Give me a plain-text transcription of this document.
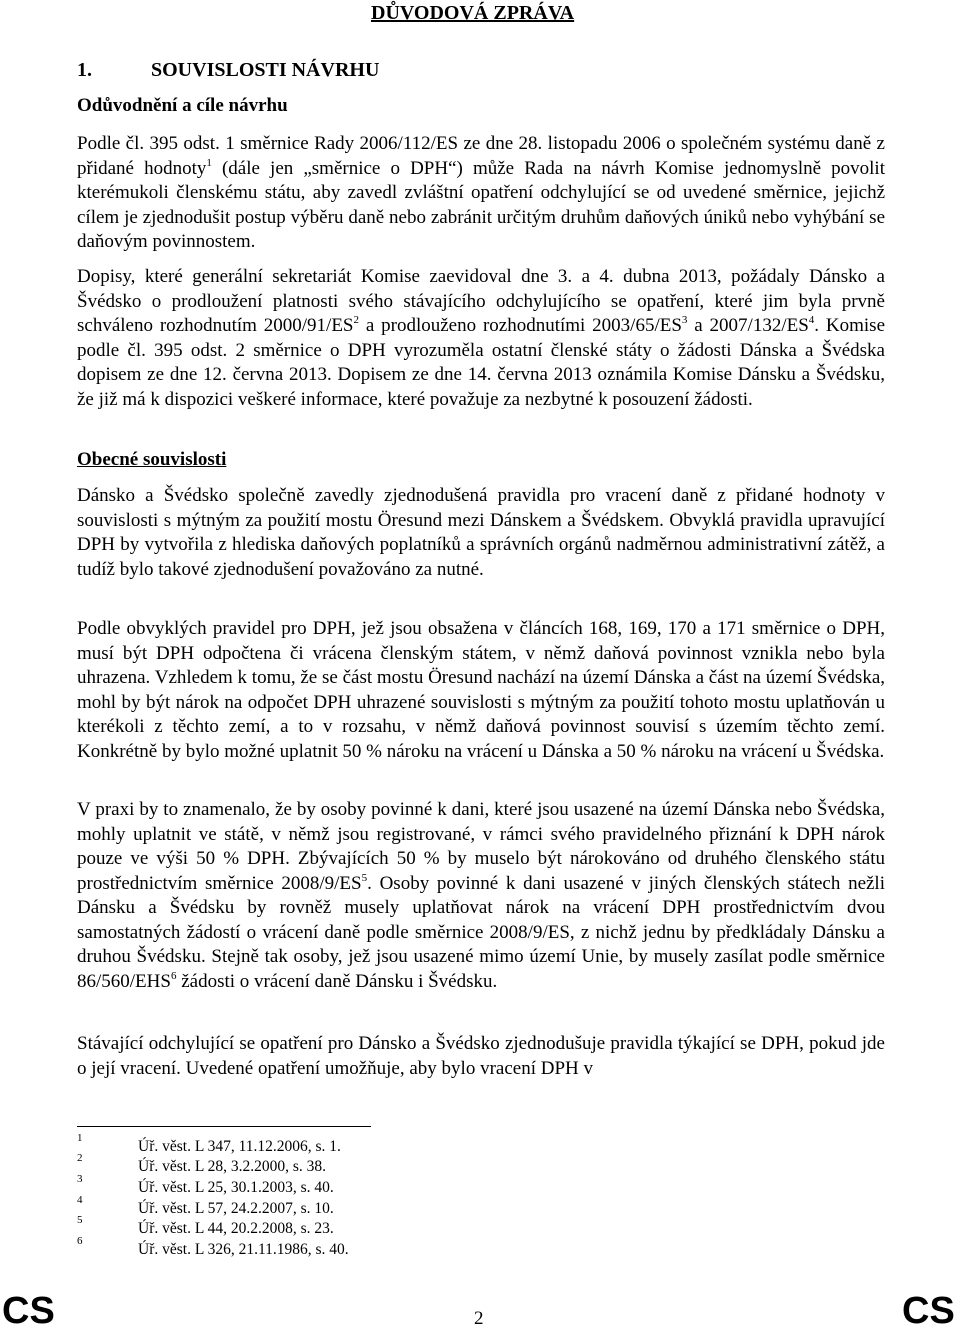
DŮVODOVÁ ZPRÁVA
1.	SOUVISLOSTI NÁVRHU
Odůvodnění a cíle návrhu
Podle čl. 395 odst. 1 směrnice Rady 2006/112/ES ze dne 28. listopadu 2006 o společném systému daně z přidané hodnoty$^1$ (dále jen „směrnice o DPH“) může Rada na návrh Komise jednomyslně povolit kterémukoli členskému státu, aby zavedl zvláštní opatření odchylující se od uvedené směrnice, jejichž cílem je zjednodušit postup výběru daně nebo zabránit určitým druhům daňových úniků nebo vyhýbání se daňovým povinnostem.
Dopisy, které generální sekretariát Komise zaevidoval dne 3. a 4. dubna 2013, požádaly Dánsko a Švédsko o prodloužení platnosti svého stávajícího odchylujícího se opatření, které jim byla prvně schváleno rozhodnutím $2000/91/ES^2$ a prodlouženo rozhodnutími $2003/65/ES^3$ a $2007/132/ES^4$. Komise podle čl. 395 odst. 2 směrnice o DPH vyrozuměla ostatní členské státy o žádosti Dánska a Švédska dopisem ze dne 12. června 2013. Dopisem ze dne 14. června 2013 oznámila Komise Dánsku a Švédsku, že již má k dispozici veškeré informace, které považuje za nezbytné k posouzení žádosti.
Obecné souvislosti
Dánsko a Švédsko společně zavedly zjednodušená pravidla pro vracení daně z přidané hodnoty v souvislosti s mýtným za použití mostu Öresund mezi Dánskem a Švédskem. Obvyklá pravidla upravující DPH by vytvořila z hlediska daňových poplatníků a správních orgánů nadměrnou administrativní zátěž, a tudíž bylo takové zjednodušení považováno za nutné.
Podle obvyklých pravidel pro DPH, jež jsou obsažena v článcích 168, 169, 170 a 171 směrnice o DPH, musí být DPH odpočtena či vrácena členským státem, v němž daňová povinnost vznikla nebo byla uhrazena. Vzhledem k tomu, že se část mostu Öresund nachází na území Dánska a část na území Švédska, mohl by být nárok na odpočet DPH uhrazené souvislosti s mýtným za použití tohoto mostu uplatňován u kterékoli z těchto zemí, a to v rozsahu, v němž daňová povinnost souvisí s územím těchto zemí. Konkrétně by bylo možné uplatnit 50 % nároku na vrácení u Dánska a 50 % nároku na vrácení u Švédska.
V praxi by to znamenalo, že by osoby povinné k dani, které jsou usazené na území Dánska nebo Švédska, mohly uplatnit ve státě, v němž jsou registrované, v rámci svého pravidelného přiznání k DPH nárok pouze ve výši 50 % DPH. Zbývajících 50 % by muselo být nárokováno od druhého členského státu prostřednictvím směrnice $2008/9/ES^5$. Osoby povinné k dani usazené v jiných členských státech nežli Dánsku a Švédsku by rovněž musely uplatňovat nárok na vrácení DPH prostřednictvím dvou samostatných žádostí o vrácení daně podle směrnice 2008/9/ES, z nichž jednu by předkládaly Dánsku a druhou Švédsku. Stejně tak osoby, jež jsou usazené mimo území Unie, by musely zasílat podle směrnice 86/560/EHS$^6$ žádosti o vrácení daně Dánsku i Švédsku.
Stávající odchylující se opatření pro Dánsko a Švédsko zjednodušuje pravidla týkající se DPH, pokud jde o její vracení. Uvedené opatření umožňuje, aby bylo vracení DPH v
1	Úř. věst. L 347, 11.12.2006, s. 1.
2	Úř. věst. L 28, 3.2.2000, s. 38.
3	Úř. věst. L 25, 30.1.2003, s. 40.
4	Úř. věst. L 57, 24.2.2007, s. 10.
5	Úř. věst. L 44, 20.2.2008, s. 23.
6	Úř. věst. L 326, 21.11.1986, s. 40.
CS	2	CS
